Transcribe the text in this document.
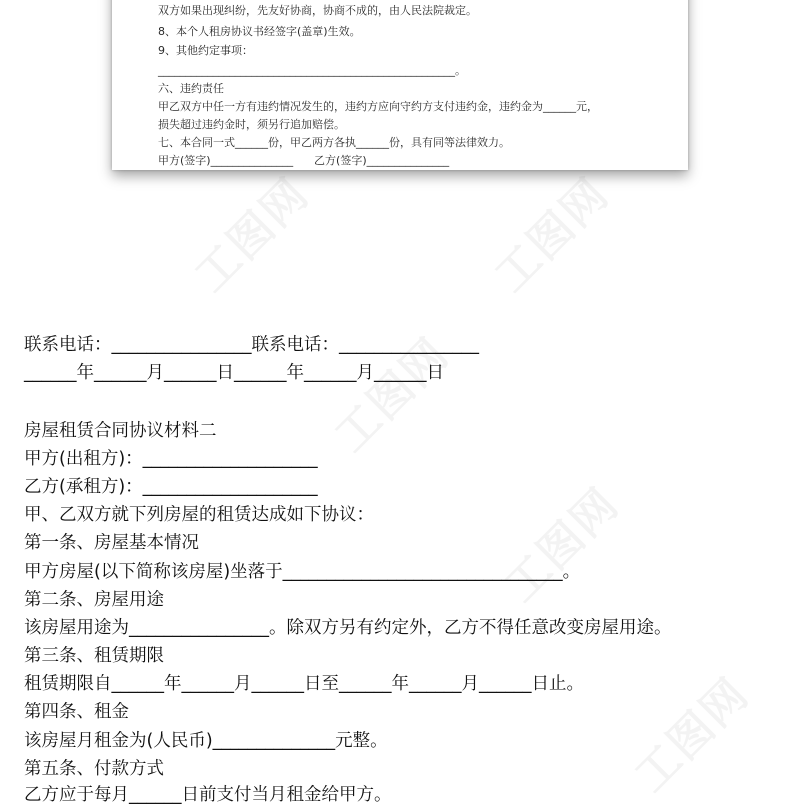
双方如果出现纠纷，先友好协商，协商不成的，由人民法院裁定。
8、本个人租房协议书经签字(盖章)生效。
9、其他约定事项：
______________________________________________________。
六、违约责任
甲乙双方中任一方有违约情况发生的，违约方应向守约方支付违约金，违约金为______元，
损失超过违约金时，须另行追加赔偿。
七、本合同一式______份，甲乙两方各执______份，具有同等法律效力。
甲方(签字)_______________      乙方(签字)_______________
联系电话：________________联系电话：________________
______年______月______日______年______月______日
房屋租赁合同协议材料二
甲方(出租方)：____________________
乙方(承租方)：____________________
甲、乙双方就下列房屋的租赁达成如下协议：
第一条、房屋基本情况
甲方房屋(以下简称该房屋)坐落于________________________________。
第二条、房屋用途
该房屋用途为________________。除双方另有约定外，乙方不得任意改变房屋用途。
第三条、租赁期限
租赁期限自______年______月______日至______年______月______日止。
第四条、租金
该房屋月租金为(人民币)______________元整。
第五条、付款方式
乙方应于每月______日前支付当月租金给甲方。
